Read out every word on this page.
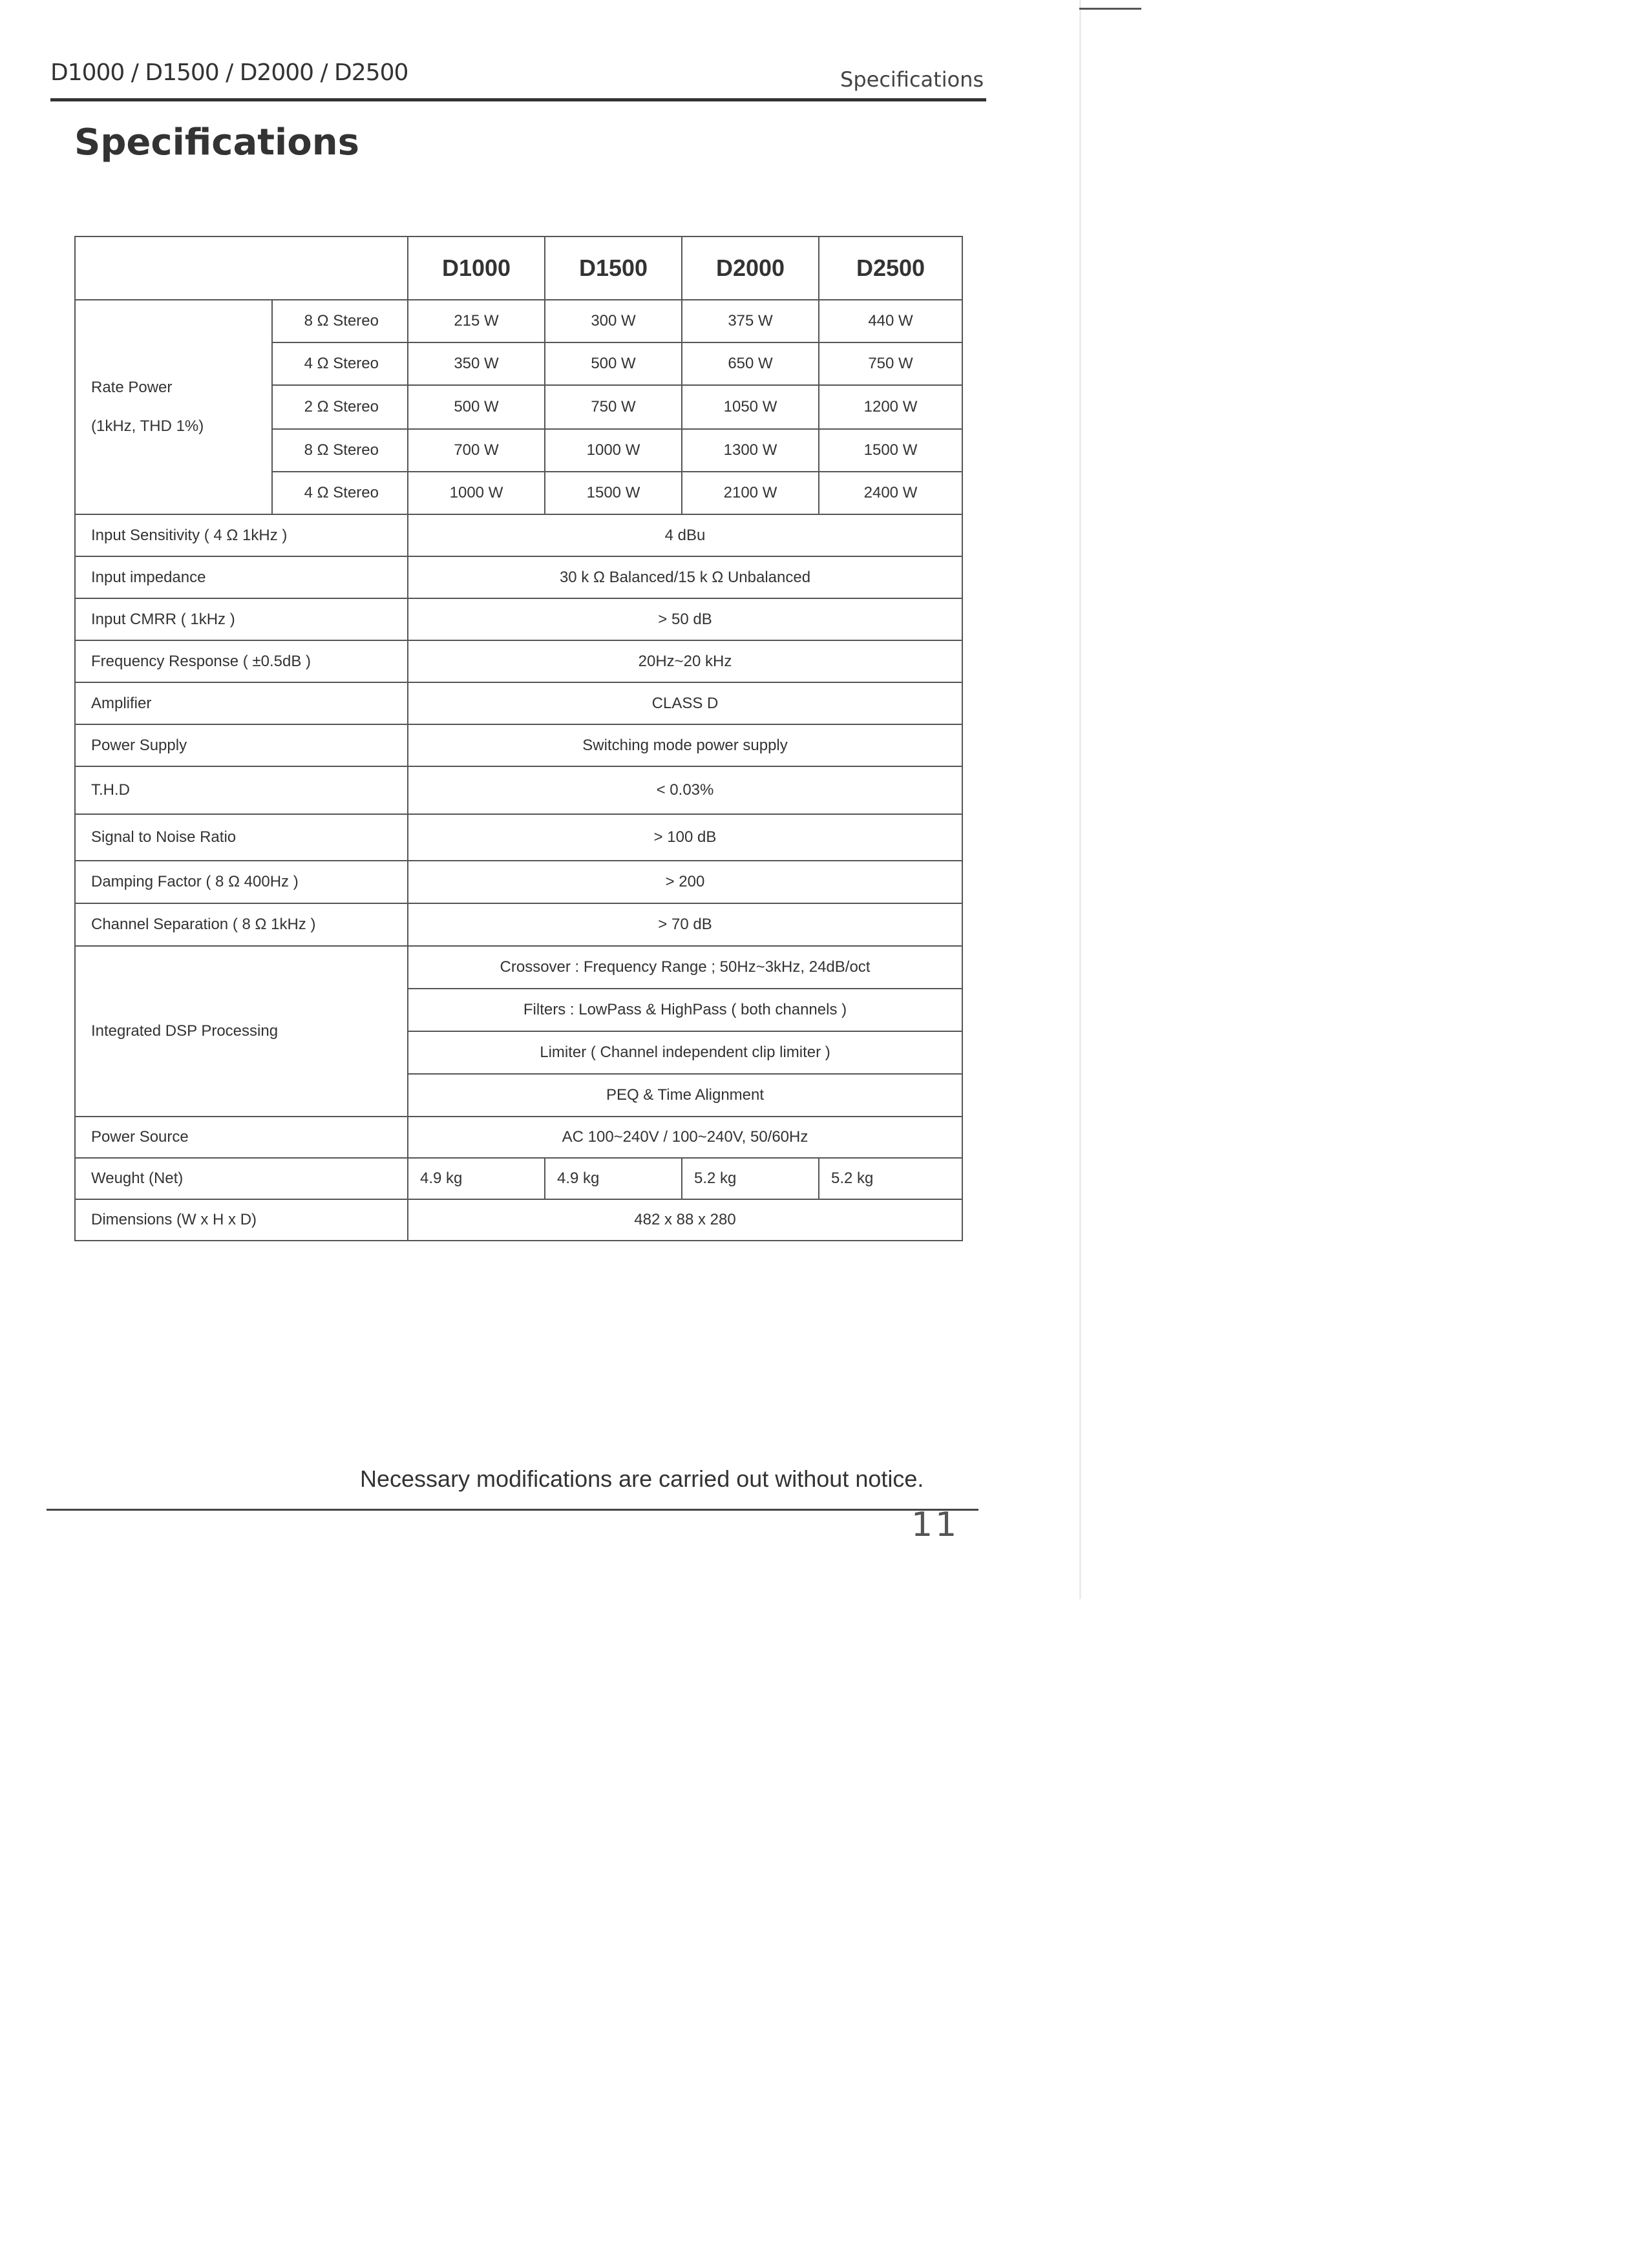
D1000 / D1500 / D2000 / D2500	Specifications
Specifications
		D1000	D1500	D2000	D2500

Rate Power
(1kHz, THD 1%)	8 Ω Stereo	215 W	300 W	375 W	440 W
	4 Ω Stereo	350 W	500 W	650 W	750 W
	2 Ω Stereo	500 W	750 W	1050 W	1200 W
	8 Ω Stereo	700 W	1000 W	1300 W	1500 W
	4 Ω Stereo	1000 W	1500 W	2100 W	2400 W
Input Sensitivity ( 4 Ω 1kHz )		4 dBu			
Input impedance		30 k Ω Balanced/15 k Ω Unbalanced			
Input CMRR ( 1kHz )		> 50 dB			
Frequency Response ( ±0.5dB )		20Hz~20 kHz			
Amplifier		CLASS D			
Power Supply		Switching mode power supply			
T.H.D		< 0.03%			
Signal to Noise Ratio		> 100 dB			
Damping Factor ( 8 Ω 400Hz )		> 200			
Channel Separation ( 8 Ω 1kHz )		> 70 dB			
Integrated DSP Processing		Crossover : Frequency Range ; 50Hz~3kHz, 24dB/oct			
		Filters : LowPass & HighPass ( both channels )			
		Limiter ( Channel independent clip limiter )			
		PEQ & Time Alignment			
Power Source		AC 100~240V / 100~240V, 50/60Hz			
Weught (Net)		4.9 kg	4.9 kg	5.2 kg	5.2 kg
Dimensions (W x H x D)		482 x 88 x 280			
Necessary modifications are carried out without notice.
11
